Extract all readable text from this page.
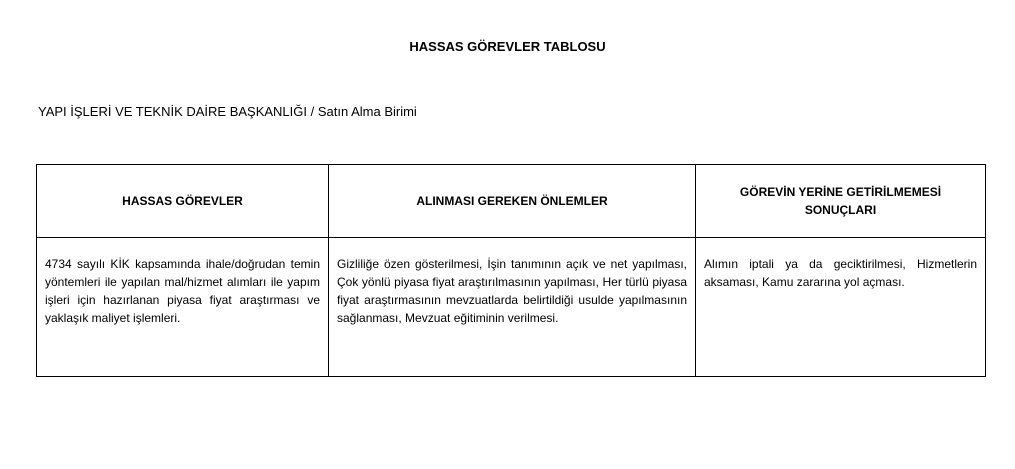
HASSAS GÖREVLER TABLOSU
YAPI İŞLERİ VE TEKNİK DAİRE BAŞKANLIĞI / Satın Alma Birimi
HASSAS GÖREVLER	ALINMASI GEREKEN ÖNLEMLER	GÖREVİN YERİNE GETİRİLMEMESİ SONUÇLARI
4734 sayılı KİK kapsamında ihale/doğrudan temin yöntemleri ile yapılan mal/hizmet alımları ile yapım işleri için hazırlanan piyasa fiyat araştırması ve yaklaşık maliyet işlemleri.	Gizliliğe özen gösterilmesi, İşin tanımının açık ve net yapılması, Çok yönlü piyasa fiyat araştırılmasının yapılması, Her türlü piyasa fiyat araştırmasının mevzuatlarda belirtildiği usulde yapılmasının sağlanması, Mevzuat eğitiminin verilmesi.	Alımın iptali ya da geciktirilmesi, Hizmetlerin aksaması, Kamu zararına yol açması.
